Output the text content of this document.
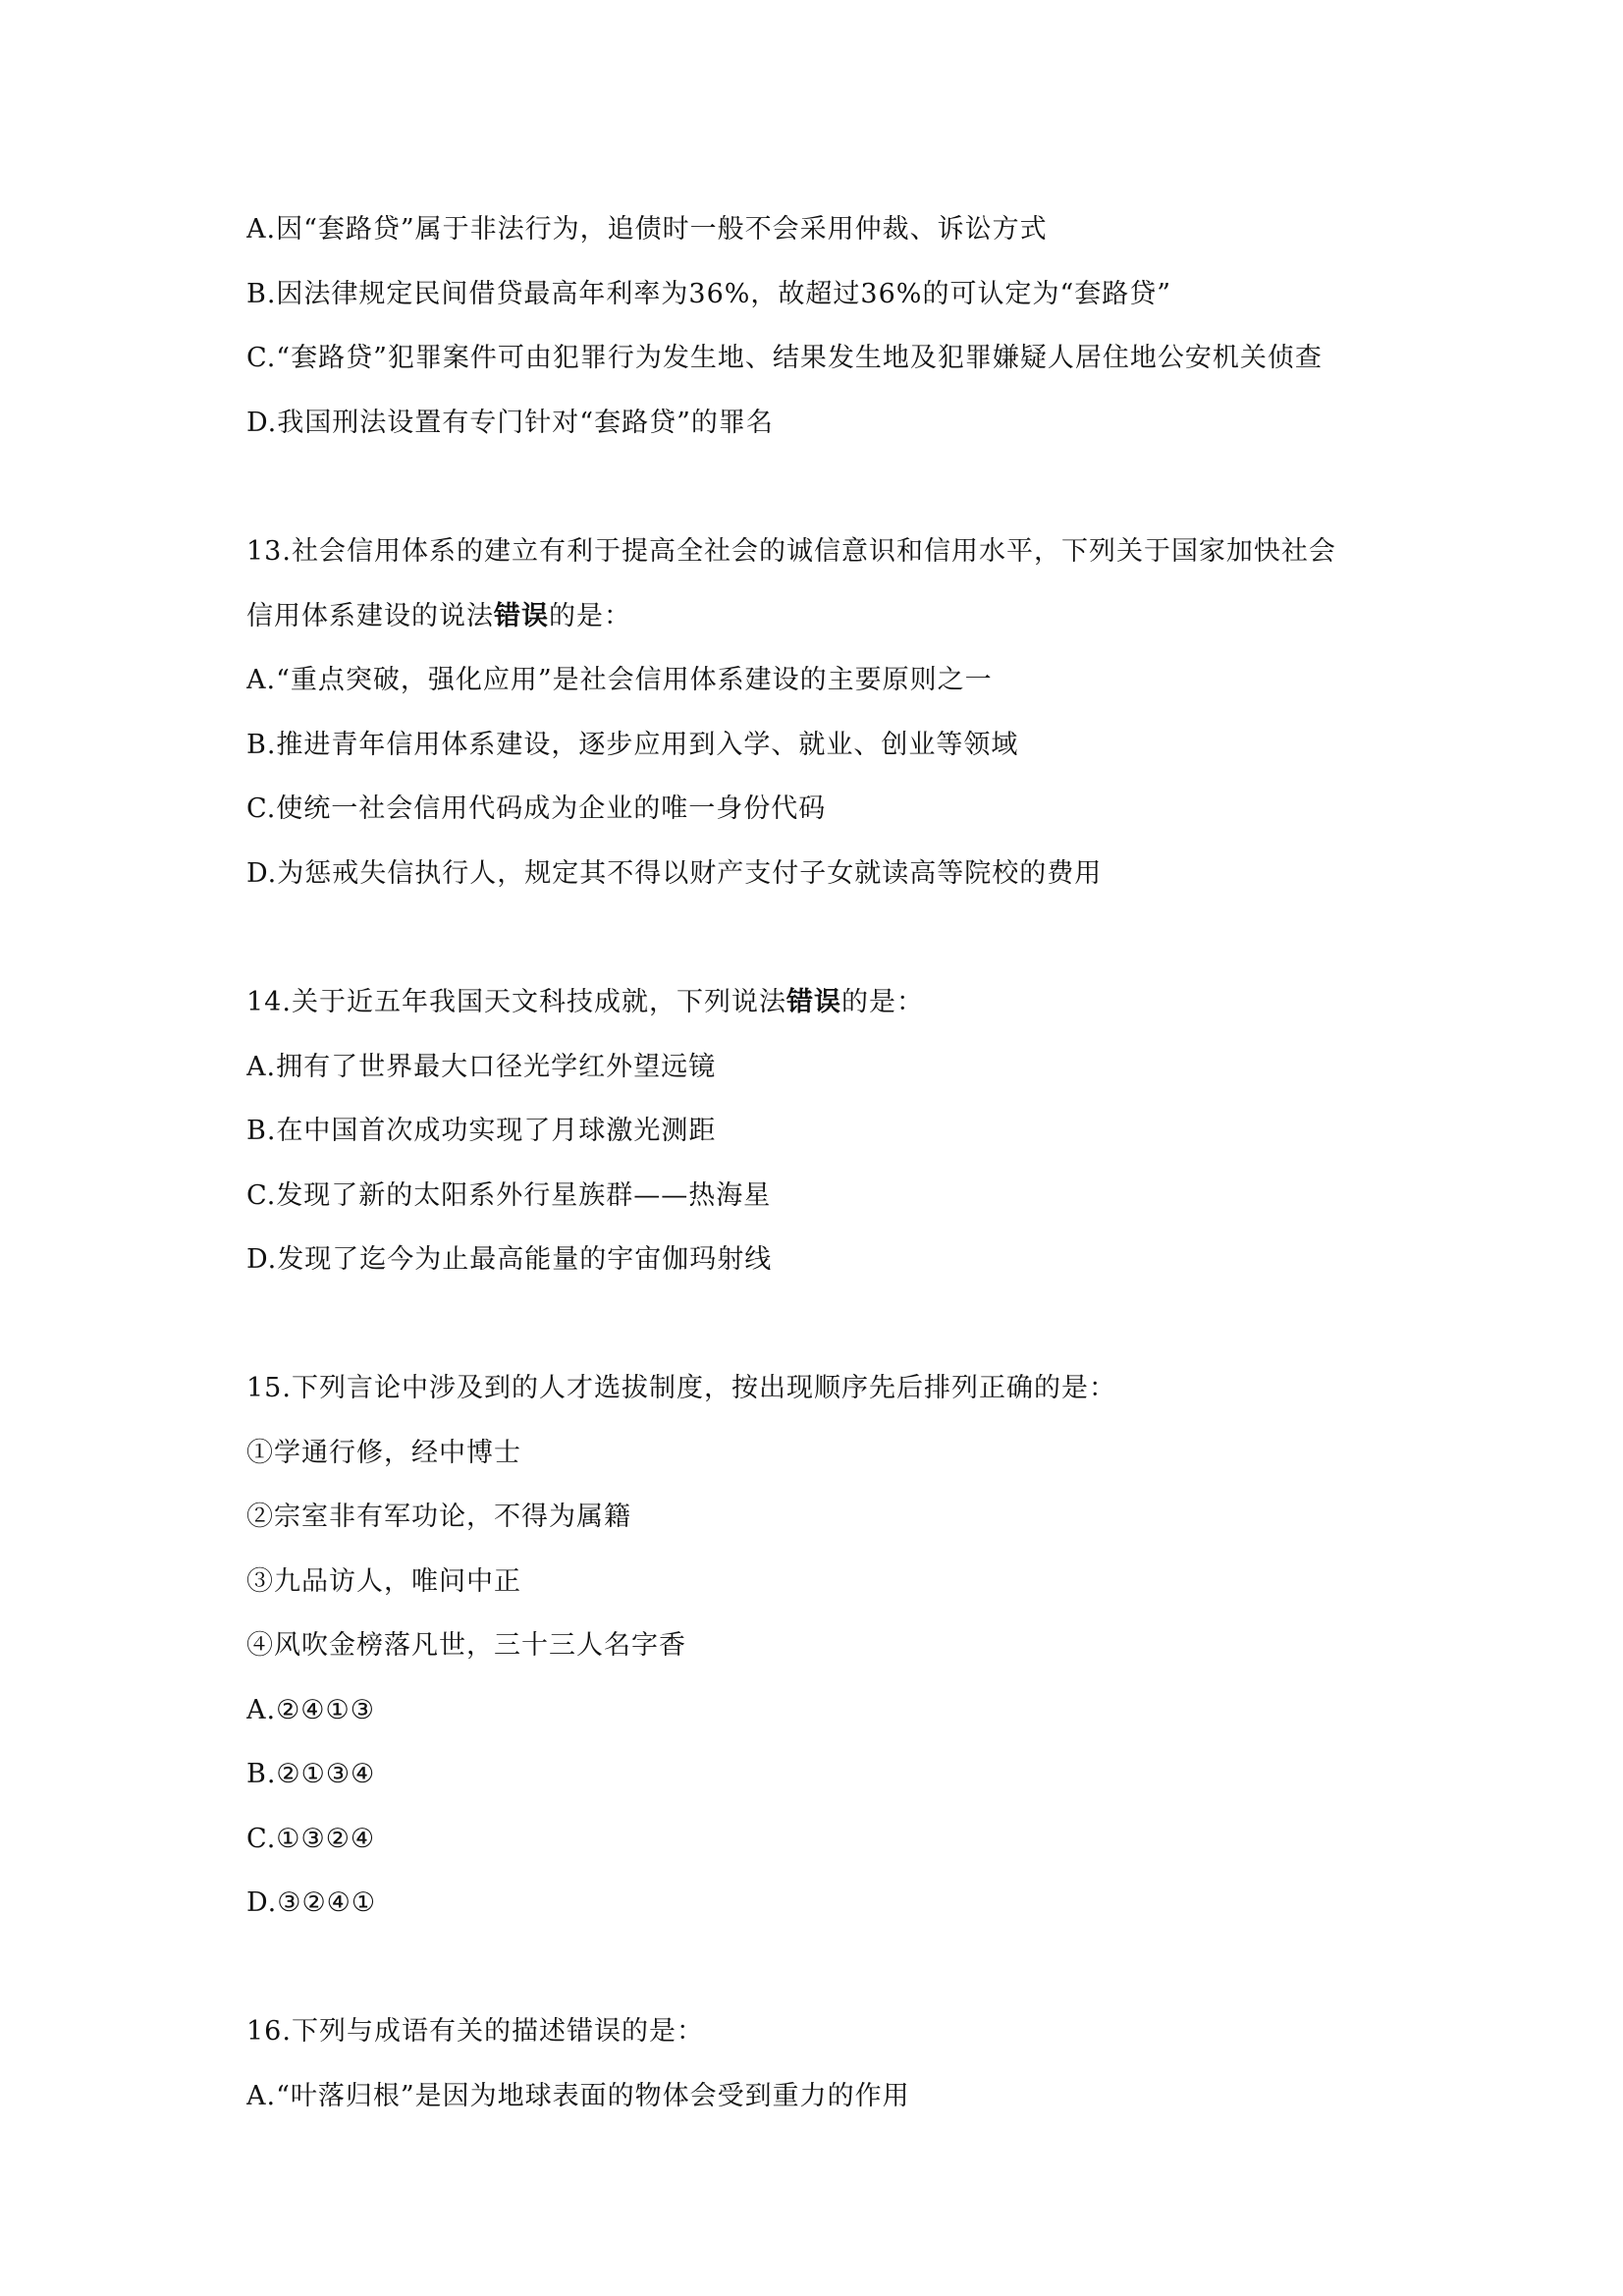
A.因“套路贷”属于非法行为，追债时一般不会采用仲裁、诉讼方式
B.因法律规定民间借贷最高年利率为36%，故超过36%的可认定为“套路贷”
C.“套路贷”犯罪案件可由犯罪行为发生地、结果发生地及犯罪嫌疑人居住地公安机关侦查
D.我国刑法设置有专门针对“套路贷”的罪名
13.社会信用体系的建立有利于提高全社会的诚信意识和信用水平，下列关于国家加快社会
信用体系建设的说法错误的是：
A.“重点突破，强化应用”是社会信用体系建设的主要原则之一
B.推进青年信用体系建设，逐步应用到入学、就业、创业等领域
C.使统一社会信用代码成为企业的唯一身份代码
D.为惩戒失信执行人，规定其不得以财产支付子女就读高等院校的费用
14.关于近五年我国天文科技成就，下列说法错误的是：
A.拥有了世界最大口径光学红外望远镜
B.在中国首次成功实现了月球激光测距
C.发现了新的太阳系外行星族群——热海星
D.发现了迄今为止最高能量的宇宙伽玛射线
15.下列言论中涉及到的人才选拔制度，按出现顺序先后排列正确的是：
①学通行修，经中博士
②宗室非有军功论，不得为属籍
③九品访人，唯问中正
④风吹金榜落凡世，三十三人名字香
A.②④①③
B.②①③④
C.①③②④
D.③②④①
16.下列与成语有关的描述错误的是：
A.“叶落归根”是因为地球表面的物体会受到重力的作用
